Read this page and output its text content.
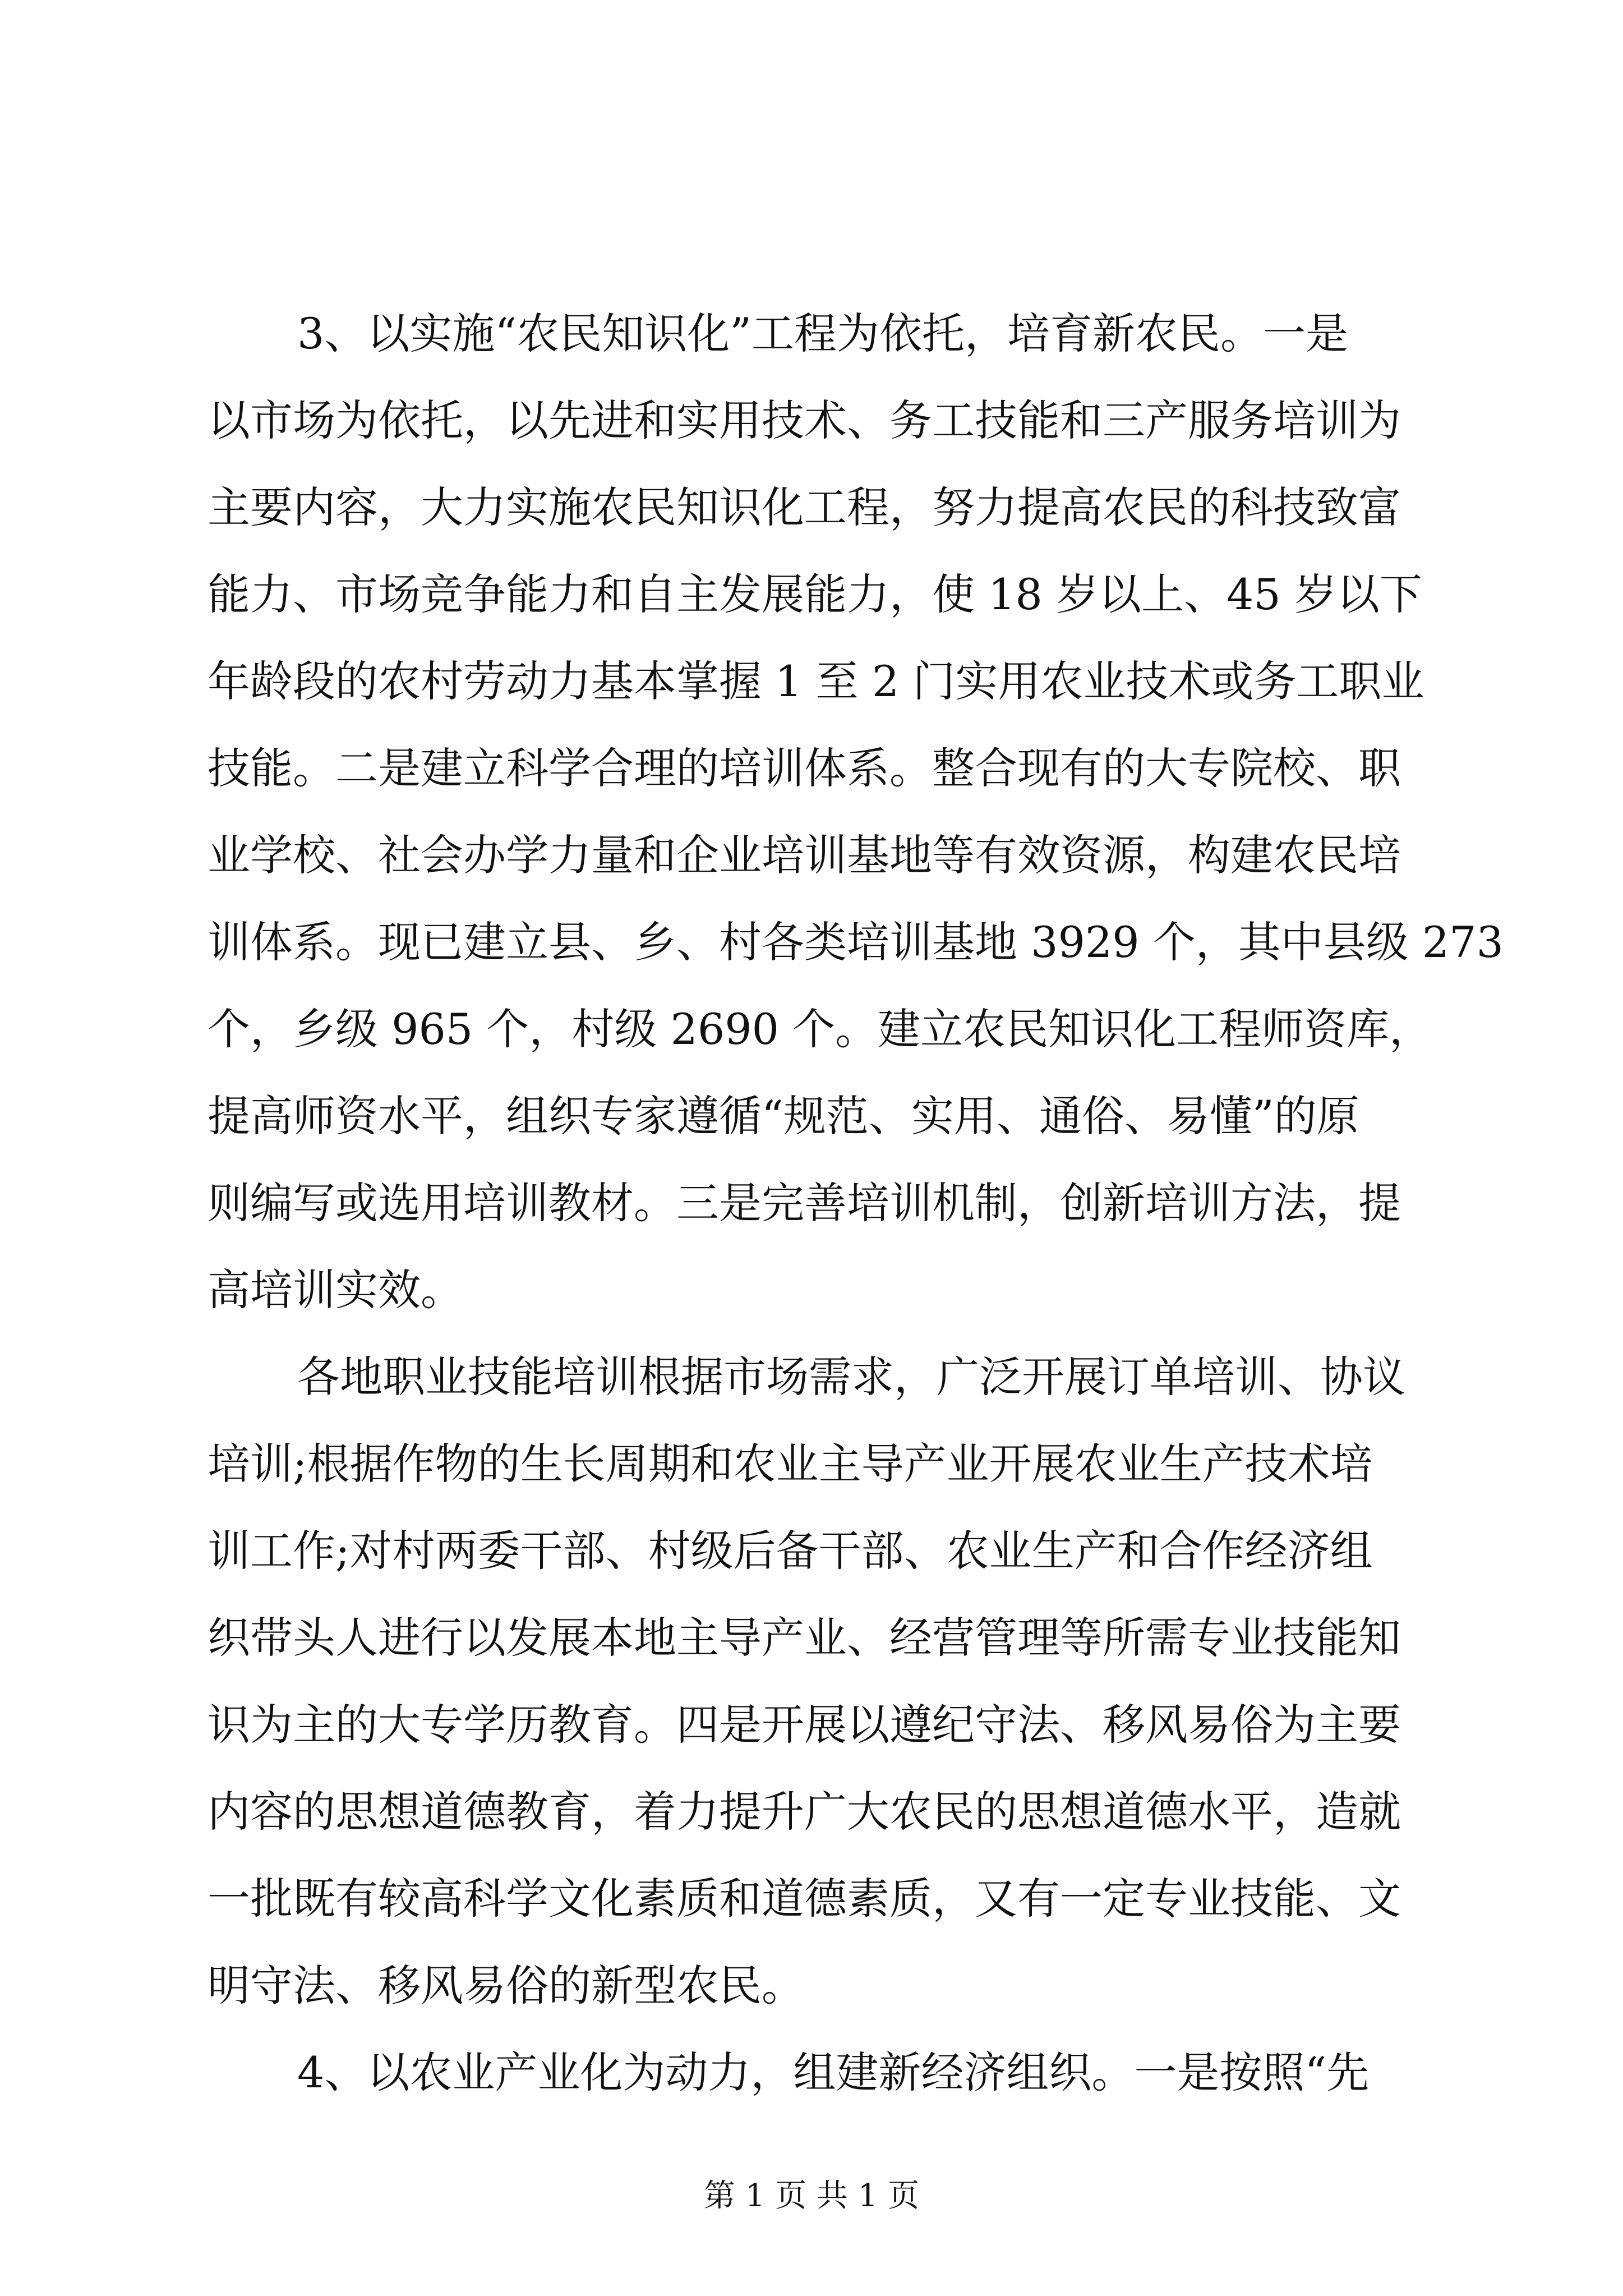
3、以实施“农民知识化”工程为依托，培育新农民。一是
以市场为依托，以先进和实用技术、务工技能和三产服务培训为
主要内容，大力实施农民知识化工程，努力提高农民的科技致富
能力、市场竞争能力和自主发展能力，使 18 岁以上、45 岁以下
年龄段的农村劳动力基本掌握 1 至 2 门实用农业技术或务工职业
技能。二是建立科学合理的培训体系。整合现有的大专院校、职
业学校、社会办学力量和企业培训基地等有效资源，构建农民培
训体系。现已建立县、乡、村各类培训基地 3929 个，其中县级 273
个，乡级 965 个，村级 2690 个。建立农民知识化工程师资库，
提高师资水平，组织专家遵循“规范、实用、通俗、易懂”的原
则编写或选用培训教材。三是完善培训机制，创新培训方法，提
高培训实效。
各地职业技能培训根据市场需求，广泛开展订单培训、协议
培训;根据作物的生长周期和农业主导产业开展农业生产技术培
训工作;对村两委干部、村级后备干部、农业生产和合作经济组
织带头人进行以发展本地主导产业、经营管理等所需专业技能知
识为主的大专学历教育。四是开展以遵纪守法、移风易俗为主要
内容的思想道德教育，着力提升广大农民的思想道德水平，造就
一批既有较高科学文化素质和道德素质，又有一定专业技能、文
明守法、移风易俗的新型农民。
4、以农业产业化为动力，组建新经济组织。一是按照“先
第 1 页 共 1 页
